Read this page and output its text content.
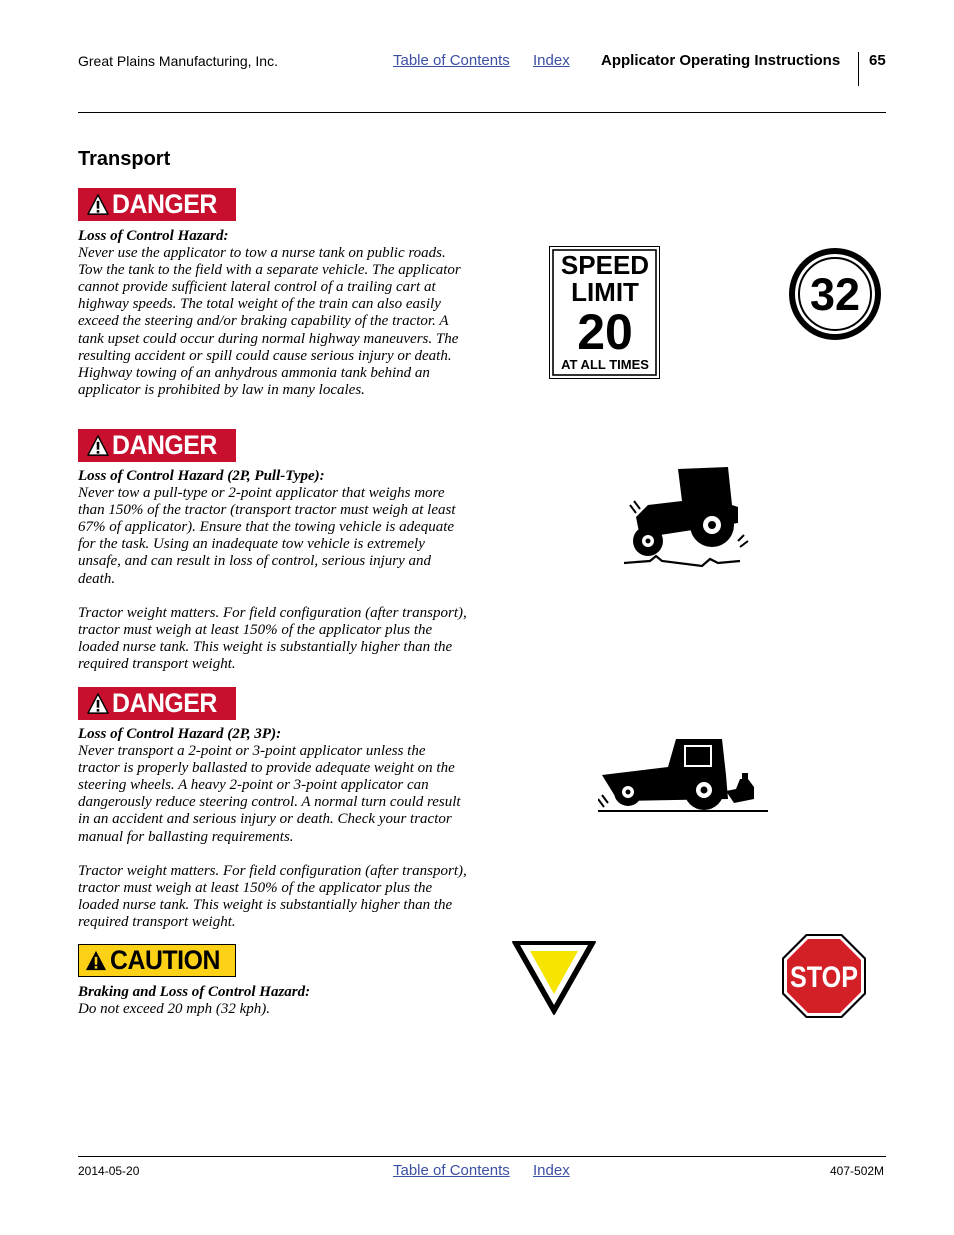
Great Plains Manufacturing, Inc.	Table of Contents Index Applicator Operating Instructions 65
Transport
DANGER

Loss of Control Hazard:

Never use the applicator to tow a nurse tank on public roads. Tow the tank to the field with a separate vehicle. The applicator cannot provide sufficient lateral control of a trailing cart at highway speeds. The total weight of the train can also easily exceed the steering and/or braking capability of the tractor. A tank upset could occur during normal highway maneuvers. The resulting accident or spill could cause serious injury or death. Highway towing of an anhydrous ammonia tank behind an applicator is prohibited by law in many locales.

DANGER

Loss of Control Hazard (2P, Pull-Type):

Never tow a pull-type or 2-point applicator that weighs more than 150% of the tractor (transport tractor must weigh at least 67% of applicator). Ensure that the towing vehicle is adequate for the task. Using an inadequate tow vehicle is extremely unsafe, and can result in loss of control, serious injury and death.

Tractor weight matters. For field configuration (after transport), tractor must weigh at least 150% of the applicator plus the loaded nurse tank. This weight is substantially higher than the required transport weight.

DANGER

Loss of Control Hazard (2P, 3P):

Never transport a 2-point or 3-point applicator unless the tractor is properly ballasted to provide adequate weight on the steering wheels. A heavy 2-point or 3-point applicator can dangerously reduce steering control. A normal turn could result in an accident and serious injury or death. Check your tractor manual for ballasting requirements.

Tractor weight matters. For field configuration (after transport), tractor must weigh at least 150% of the applicator plus the loaded nurse tank. This weight is substantially higher than the required transport weight.

CAUTION

Braking and Loss of Control Hazard:

Do not exceed 20 mph (32 kph).

SPEED
LIMIT
20
AT ALL TIMES
32
STOP
2014-05-20	Table of Contents Index	407-502M
